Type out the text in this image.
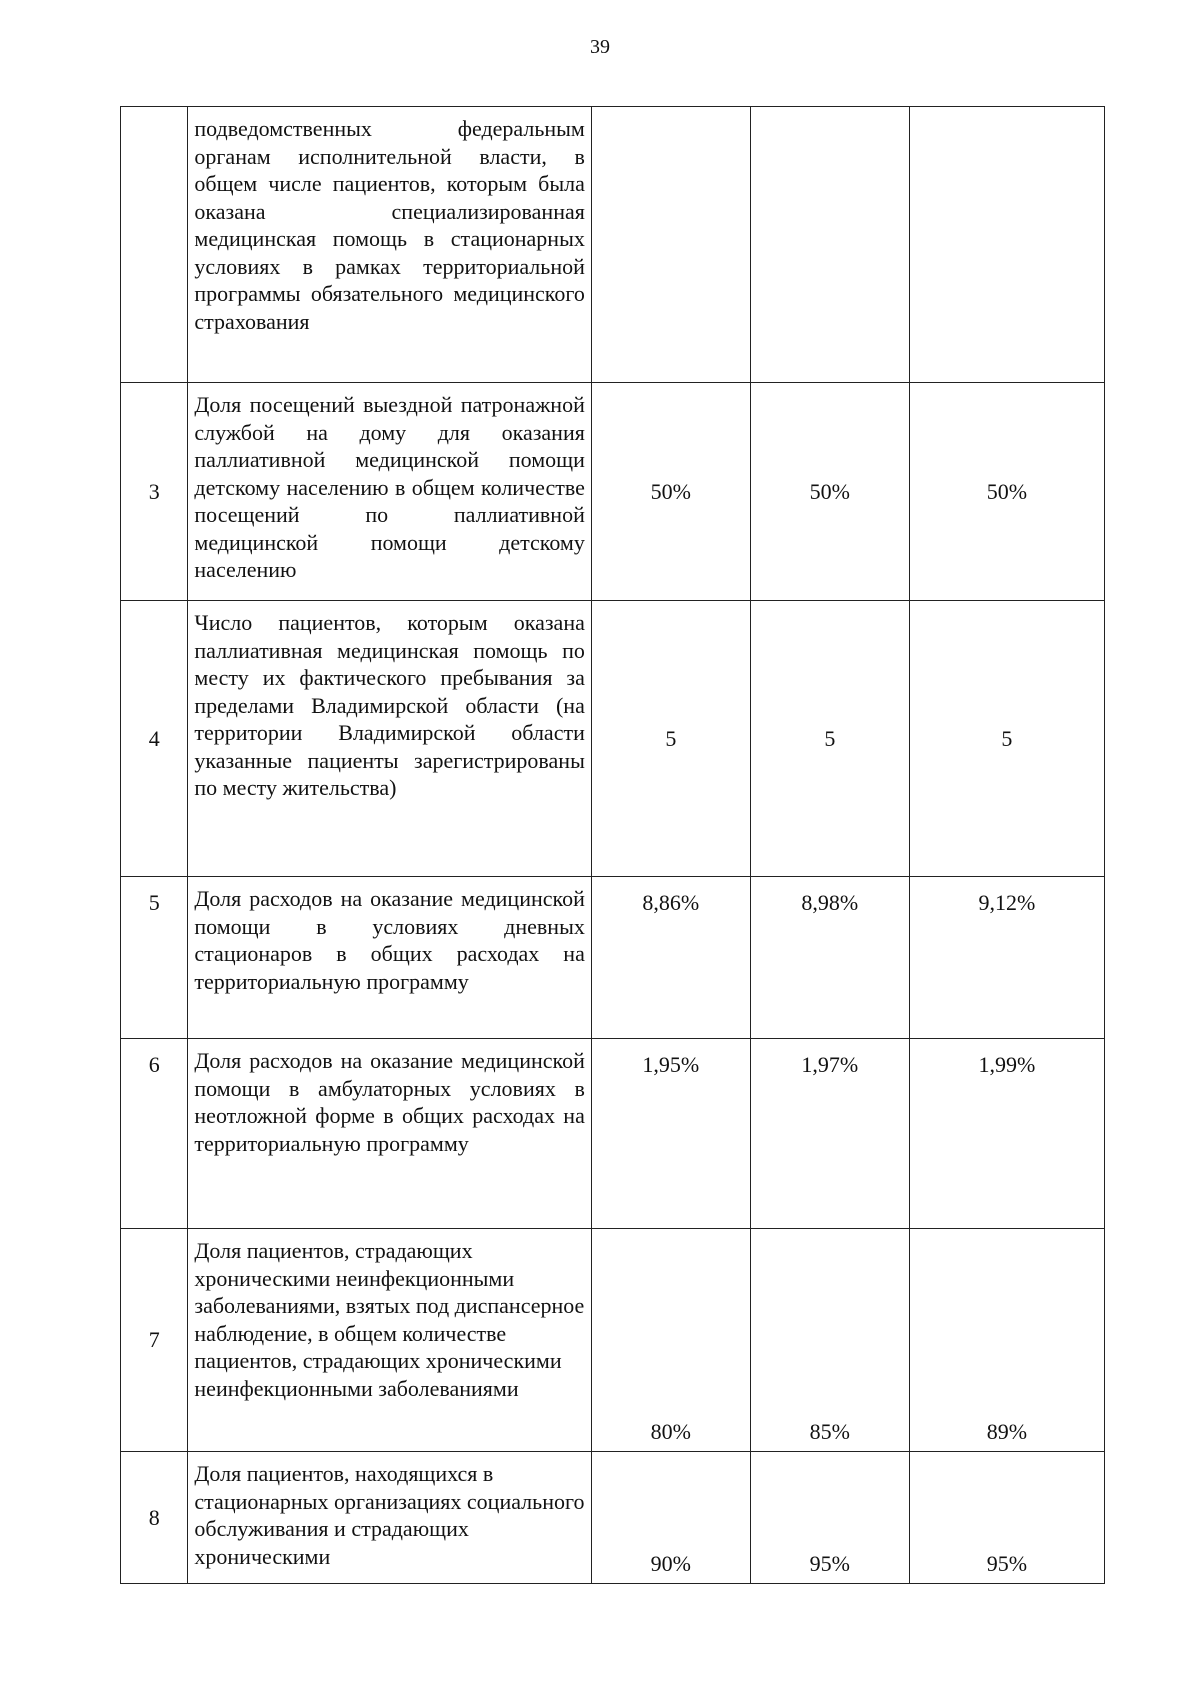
39
	подведомственных федеральным органам исполнительной власти, в общем числе пациентов, которым была оказана специализированная медицинская помощь в стационарных условиях в рамках территориальной программы обязательного медицинского страхования			
3	Доля посещений выездной патронажной службой на дому для оказания паллиативной медицинской помощи детскому населению в общем количестве посещений по паллиативной медицинской помощи детскому населению	50%	50%	50%
4	Число пациентов, которым оказана паллиативная медицинская помощь по месту их фактического пребывания за пределами Владимирской области (на территории Владимирской области указанные пациенты зарегистрированы по месту жительства)	5	5	5
5	Доля расходов на оказание медицинской помощи в условиях дневных стационаров в общих расходах на территориальную программу	8,86%	8,98%	9,12%
6	Доля расходов на оказание медицинской помощи в амбулаторных условиях в неотложной форме в общих расходах на территориальную программу	1,95%	1,97%	1,99%
7	Доля пациентов, страдающих хроническими неинфекционными заболеваниями, взятых под диспансерное наблюдение, в общем количестве пациентов, страдающих хроническими неинфекционными заболеваниями	80%	85%	89%
8	Доля пациентов, находящихся в стационарных организациях социального обслуживания и страдающих хроническими	90%	95%	95%
